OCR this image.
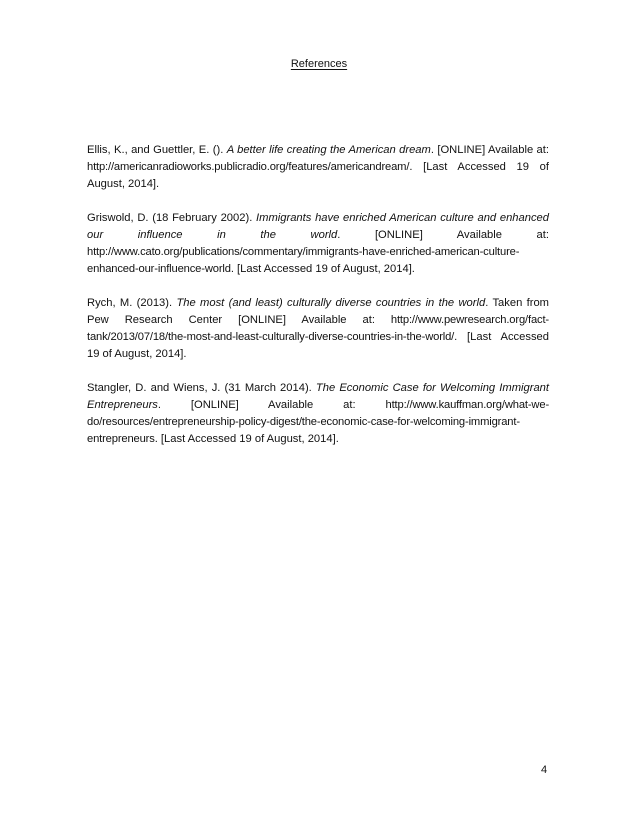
References

Ellis, K., and Guettler, E. (). A better life creating the American dream. [ONLINE] Available at: http://americanradioworks.publicradio.org/features/americandream/. [Last Accessed 19 of August, 2014].

Griswold, D. (18 February 2002). Immigrants have enriched American culture and enhanced our influence in the world. [ONLINE] Available at: http://www.cato.org/publications/commentary/immigrants-have-enriched-american-culture-enhanced-our-influence-world. [Last Accessed 19 of August, 2014].

Rych, M. (2013). The most (and least) culturally diverse countries in the world. Taken from Pew Research Center [ONLINE] Available at: http://www.pewresearch.org/fact-tank/2013/07/18/the-most-and-least-culturally-diverse-countries-in-the-world/. [Last Accessed 19 of August, 2014].

Stangler, D. and Wiens, J. (31 March 2014). The Economic Case for Welcoming Immigrant Entrepreneurs. [ONLINE] Available at:	http://www.kauffman.org/what-we-do/resources/entrepreneurship-policy-digest/the-economic-case-for-welcoming-immigrant-entrepreneurs. [Last Accessed 19 of August, 2014].

4
